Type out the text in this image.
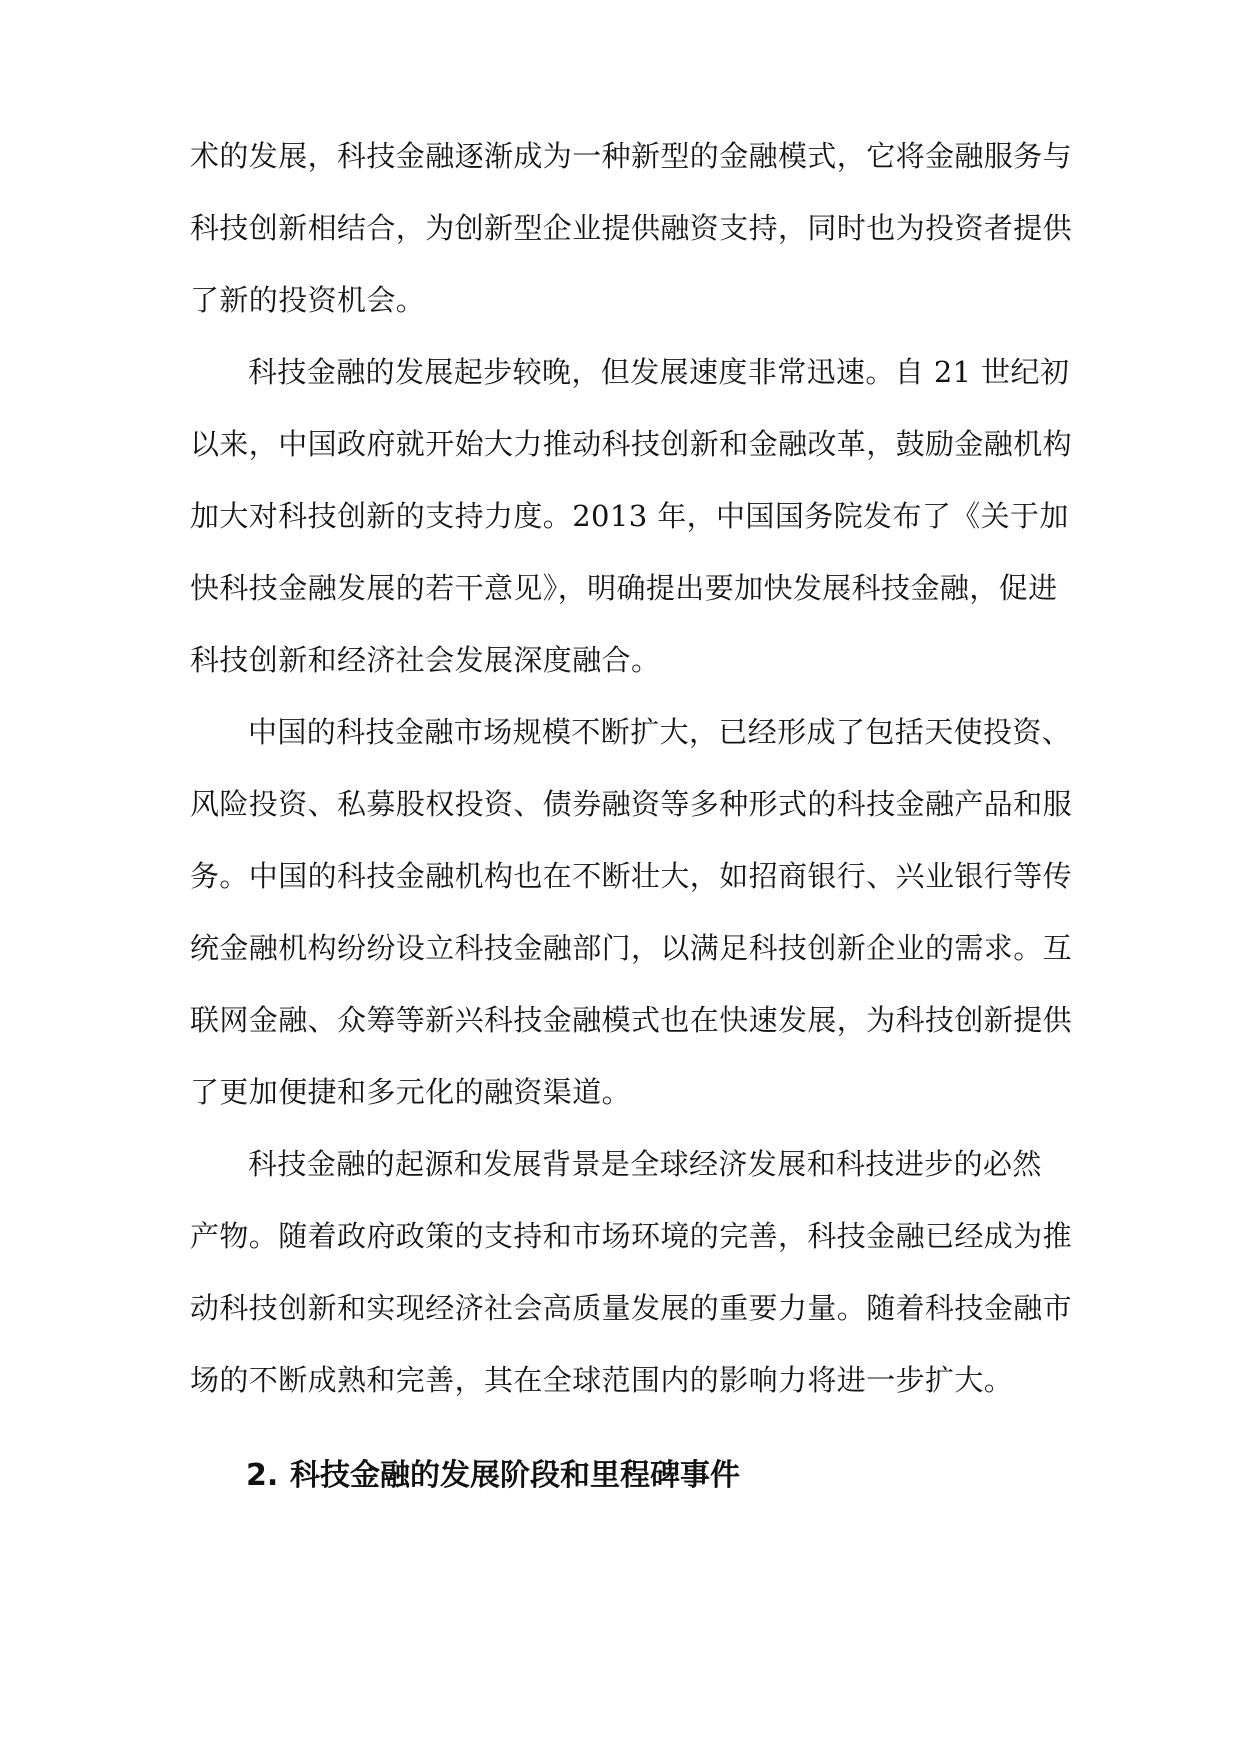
术的发展，科技金融逐渐成为一种新型的金融模式，它将金融服务与
科技创新相结合，为创新型企业提供融资支持，同时也为投资者提供
了新的投资机会。
科技金融的发展起步较晚，但发展速度非常迅速。自 21 世纪初
以来，中国政府就开始大力推动科技创新和金融改革，鼓励金融机构
加大对科技创新的支持力度。2013 年，中国国务院发布了《关于加
快科技金融发展的若干意见》，明确提出要加快发展科技金融，促进
科技创新和经济社会发展深度融合。
中国的科技金融市场规模不断扩大，已经形成了包括天使投资、
风险投资、私募股权投资、债券融资等多种形式的科技金融产品和服
务。中国的科技金融机构也在不断壮大，如招商银行、兴业银行等传
统金融机构纷纷设立科技金融部门，以满足科技创新企业的需求。互
联网金融、众筹等新兴科技金融模式也在快速发展，为科技创新提供
了更加便捷和多元化的融资渠道。
科技金融的起源和发展背景是全球经济发展和科技进步的必然
产物。随着政府政策的支持和市场环境的完善，科技金融已经成为推
动科技创新和实现经济社会高质量发展的重要力量。随着科技金融市
场的不断成熟和完善，其在全球范围内的影响力将进一步扩大。
2. 科技金融的发展阶段和里程碑事件
